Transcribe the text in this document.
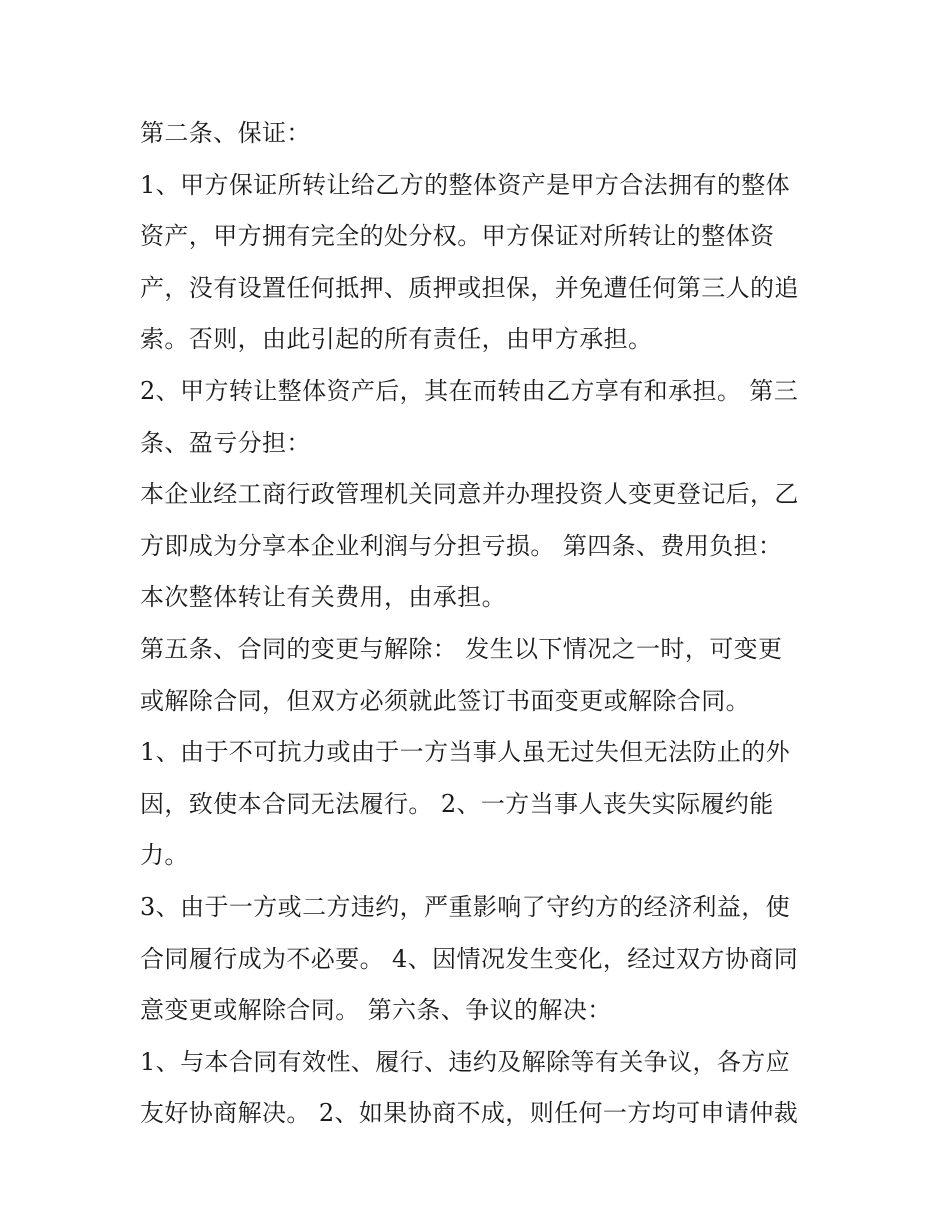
第二条、保证：
1、甲方保证所转让给乙方的整体资产是甲方合法拥有的整体
资产，甲方拥有完全的处分权。甲方保证对所转让的整体资
产，没有设置任何抵押、质押或担保，并免遭任何第三人的追
索。否则，由此引起的所有责任，由甲方承担。
2、甲方转让整体资产后，其在而转由乙方享有和承担。 第三
条、盈亏分担：
本企业经工商行政管理机关同意并办理投资人变更登记后，乙
方即成为分享本企业利润与分担亏损。 第四条、费用负担：
本次整体转让有关费用，由承担。
第五条、合同的变更与解除： 发生以下情况之一时，可变更
或解除合同，但双方必须就此签订书面变更或解除合同。
1、由于不可抗力或由于一方当事人虽无过失但无法防止的外
因，致使本合同无法履行。 2、一方当事人丧失实际履约能
力。
3、由于一方或二方违约，严重影响了守约方的经济利益，使
合同履行成为不必要。 4、因情况发生变化，经过双方协商同
意变更或解除合同。 第六条、争议的解决：
1、与本合同有效性、履行、违约及解除等有关争议，各方应
友好协商解决。 2、如果协商不成，则任何一方均可申请仲裁
